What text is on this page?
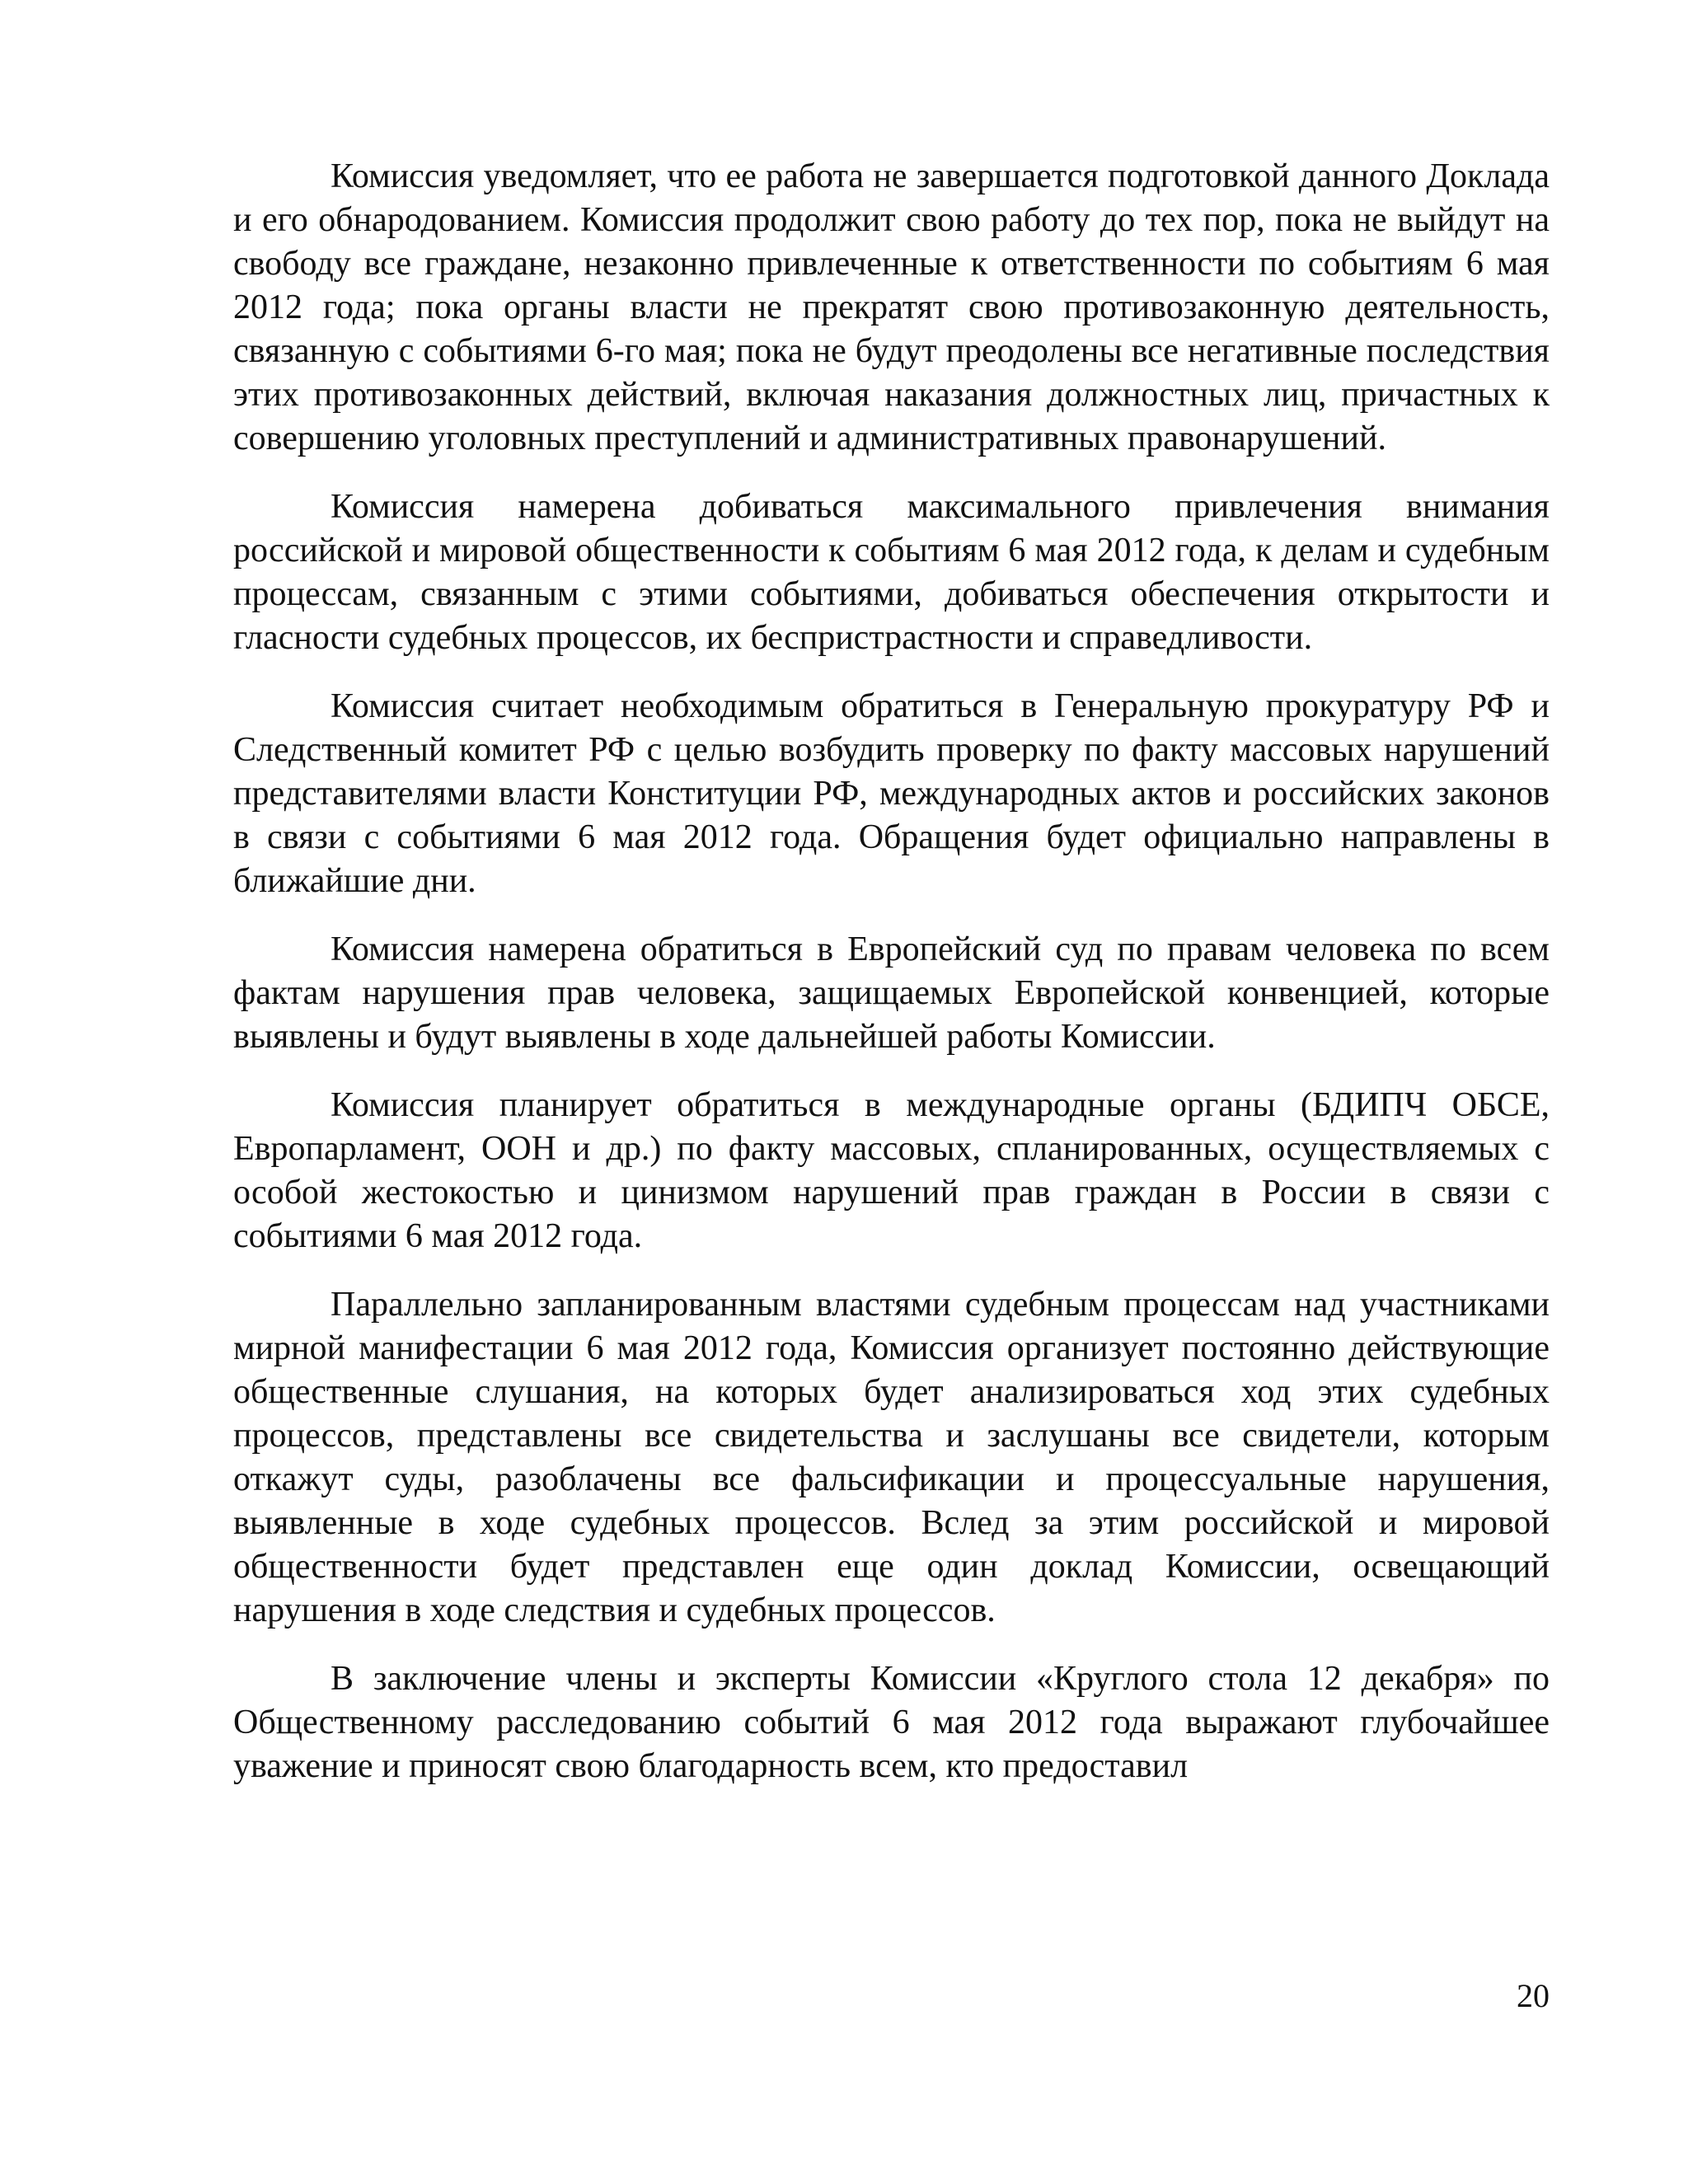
Комиссия уведомляет, что ее работа не завершается подготовкой данного Доклада и его обнародованием. Комиссия продолжит свою работу до тех пор, пока не выйдут на свободу все граждане, незаконно привлеченные к ответственности по событиям 6 мая 2012 года; пока органы власти не прекратят свою противозаконную деятельность, связанную с событиями 6-го мая; пока не будут преодолены все негативные последствия этих противозаконных действий, включая наказания должностных лиц, причастных к совершению уголовных преступлений и административных правонарушений.

Комиссия намерена добиваться максимального привлечения внимания российской и мировой общественности к событиям 6 мая 2012 года, к делам и судебным процессам, связанным с этими событиями, добиваться обеспечения открытости и гласности судебных процессов, их беспристрастности и справедливости.

Комиссия считает необходимым обратиться в Генеральную прокуратуру РФ и Следственный комитет РФ с целью возбудить проверку по факту массовых нарушений представителями власти Конституции РФ, международных актов и российских законов в связи с событиями 6 мая 2012 года. Обращения будет официально направлены в ближайшие дни.

Комиссия намерена обратиться в Европейский суд по правам человека по всем фактам нарушения прав человека, защищаемых Европейской конвенцией, которые выявлены и будут выявлены в ходе дальнейшей работы Комиссии.

Комиссия планирует обратиться в международные органы (БДИПЧ ОБСЕ, Европарламент, ООН и др.) по факту массовых, спланированных, осуществляемых с особой жестокостью и цинизмом нарушений прав граждан в России в связи с событиями 6 мая 2012 года.

Параллельно запланированным властями судебным процессам над участниками мирной манифестации 6 мая 2012 года, Комиссия организует постоянно действующие общественные слушания, на которых будет анализироваться ход этих судебных процессов, представлены все свидетельства и заслушаны все свидетели, которым откажут суды, разоблачены все фальсификации и процессуальные нарушения, выявленные в ходе судебных процессов. Вслед за этим российской и мировой общественности будет представлен еще один доклад Комиссии, освещающий нарушения в ходе следствия и судебных процессов.

В заключение члены и эксперты Комиссии «Круглого стола 12 декабря» по Общественному расследованию событий 6 мая 2012 года выражают глубочайшее уважение и приносят свою благодарность всем, кто предоставил

20
